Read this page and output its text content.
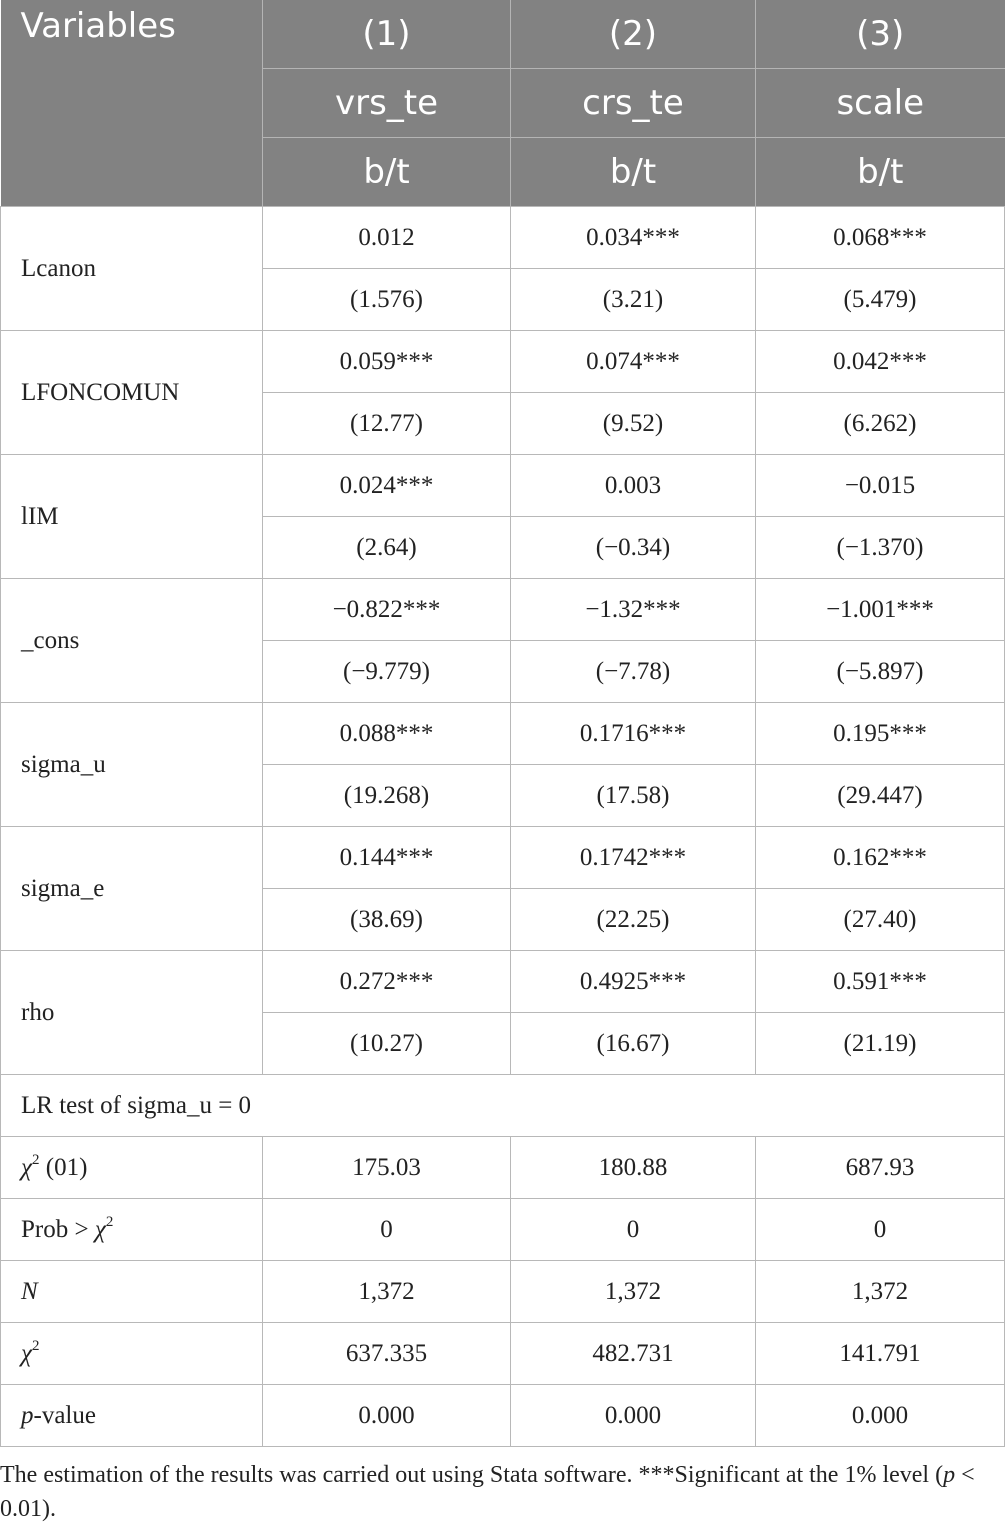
Variables	(1)	(2)	(3)
	vrs_te	crs_te	scale
	b/t	b/t	b/t
Lcanon	0.012	0.034***	0.068***
	(1.576)	(3.21)	(5.479)
LFONCOMUN	0.059***	0.074***	0.042***
	(12.77)	(9.52)	(6.262)
lIM	0.024***	0.003	−0.015
	(2.64)	(−0.34)	(−1.370)
_cons	−0.822***	−1.32***	−1.001***
	(−9.779)	(−7.78)	(−5.897)
sigma_u	0.088***	0.1716***	0.195***
	(19.268)	(17.58)	(29.447)
sigma_e	0.144***	0.1742***	0.162***
	(38.69)	(22.25)	(27.40)
rho	0.272***	0.4925***	0.591***
	(10.27)	(16.67)	(21.19)
LR test of sigma_u = 0			
$\chi^2$ (01)	175.03	180.88	687.93
Prob > $\chi^2$	0	0	0
N	1,372	1,372	1,372
$\chi^2$	637.335	482.731	141.791
p-value	0.000	0.000	0.000
The estimation of the results was carried out using Stata software. ***Significant at the 1% level (p < 0.01).
